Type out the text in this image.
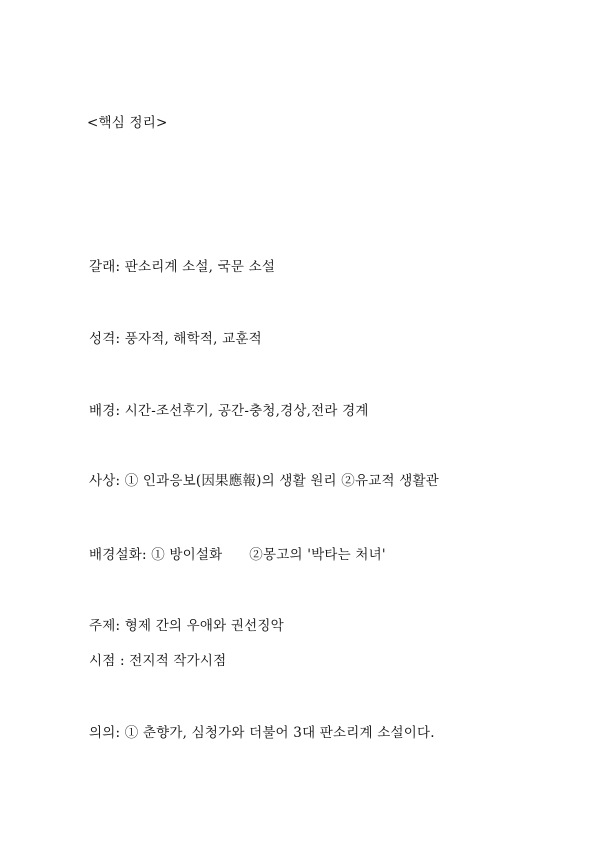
<핵심 정리>
갈래: 판소리계 소설, 국문 소설
성격: 풍자적, 해학적, 교훈적
배경: 시간-조선후기, 공간-충청,경상,전라 경계
사상: ① 인과응보(因果應報)의 생활 원리 ②유교적 생활관
배경설화: ① 방이설화      ②몽고의 '박타는 처녀'
주제: 형제 간의 우애와 권선징악
시점 : 전지적 작가시점
의의: ① 춘향가, 심청가와 더불어 3대 판소리계 소설이다.
